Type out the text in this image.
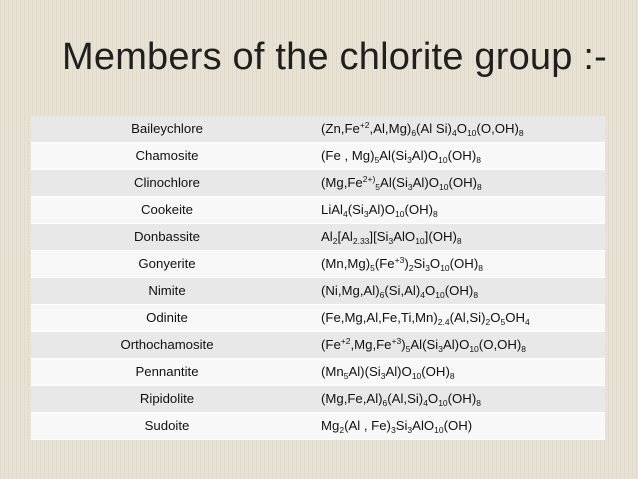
Members of the chlorite group :-
Baileychlore	$(Zn,Fe^{+2},Al,Mg)_6(Al$ $Si)_4O_{10}(O,OH)_8$
Chamosite	(Fe , $Mg)_5Al(Si_3Al)O_{10}(OH)_8$
Clinochlore	($Mg,Fe^{2+)}_5Al(Si_3Al)O_{10}(OH)_8$
Cookeite	$LiAl_4(Si_3Al)O_{10}(OH)_8$
Donbassite	$Al_2[Al_{2.33}][Si_3AlO_{10}](OH)_8$
Gonyerite	$(Mn,Mg)_5(Fe^{+3})_2Si_3O_{10}(OH)_8$
Nimite	$(Ni,Mg,Al)_6(Si,Al)_4O_{10}(OH)_8$
Odinite	$(Fe,Mg,Al,Fe,Ti,Mn)_{2.4}(Al,Si)_2O_5OH_4$
Orthochamosite	$(Fe^{+2},Mg,Fe^{+3})_5Al(Si_3Al)O_{10}(O,OH)_8$
Pennantite	$(Mn_5Al)(Si_3Al)O_{10}(OH)_8$
Ripidolite	$(Mg,Fe,Al)_6(Al,Si)_4O_{10}(OH)_8$
Sudoite	$Mg_2(Al$ , $Fe)_3Si_3AlO_{10}(OH)$
